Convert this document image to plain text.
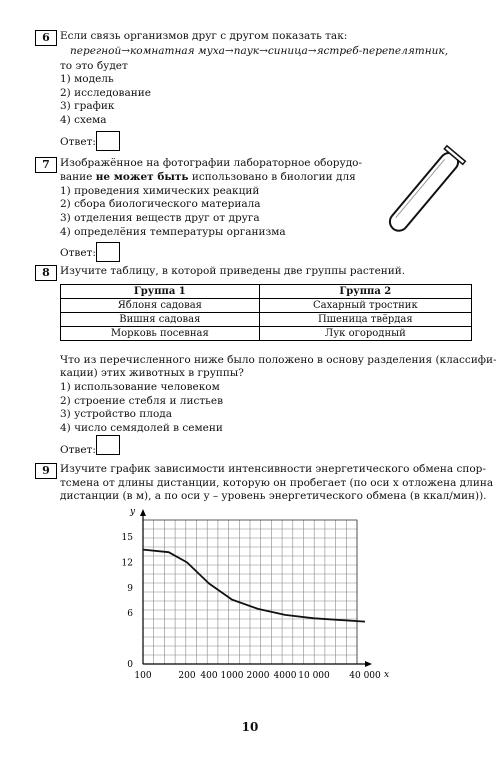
6 Если связь организмов друг с другом показать так:
перегной→комнатная муха→паук→синица→ястреб-перепелятник,
то это будет
1) модель
2) исследование
3) график
4) схема
Ответ:
7 Изображённое на фотографии лабораторное оборудо-
вание не может быть использовано в биологии для
1) проведения химических реакций
2) сбора биологического материала
3) отделения веществ друг от друга
4) определёния температуры организма
Ответ:
8 Изучите таблицу, в которой приведены две группы растений.
Группа 1	Группа 2
Яблоня садовая	Сахарный тростник
Вишня садовая	Пшеница твёрдая
Морковь посевная	Лук огородный
Что из перечисленного ниже было положено в основу разделения (классифи-
кации) этих животных в группы?
1) использование человеком
2) строение стебля и листьев
3) устройство плода
4) число семядолей в семени
Ответ:
9 Изучите график зависимости интенсивности энергетического обмена спор-
тсмена от длины дистанции, которую он пробегает (по оси x отложена длина
дистанции (в м), а по оси y – уровень энергетического обмена (в ккал/мин)).
y
x
0
6
9
12
15
100	200 400 1000 2000 4000 10 000 40 000
10
